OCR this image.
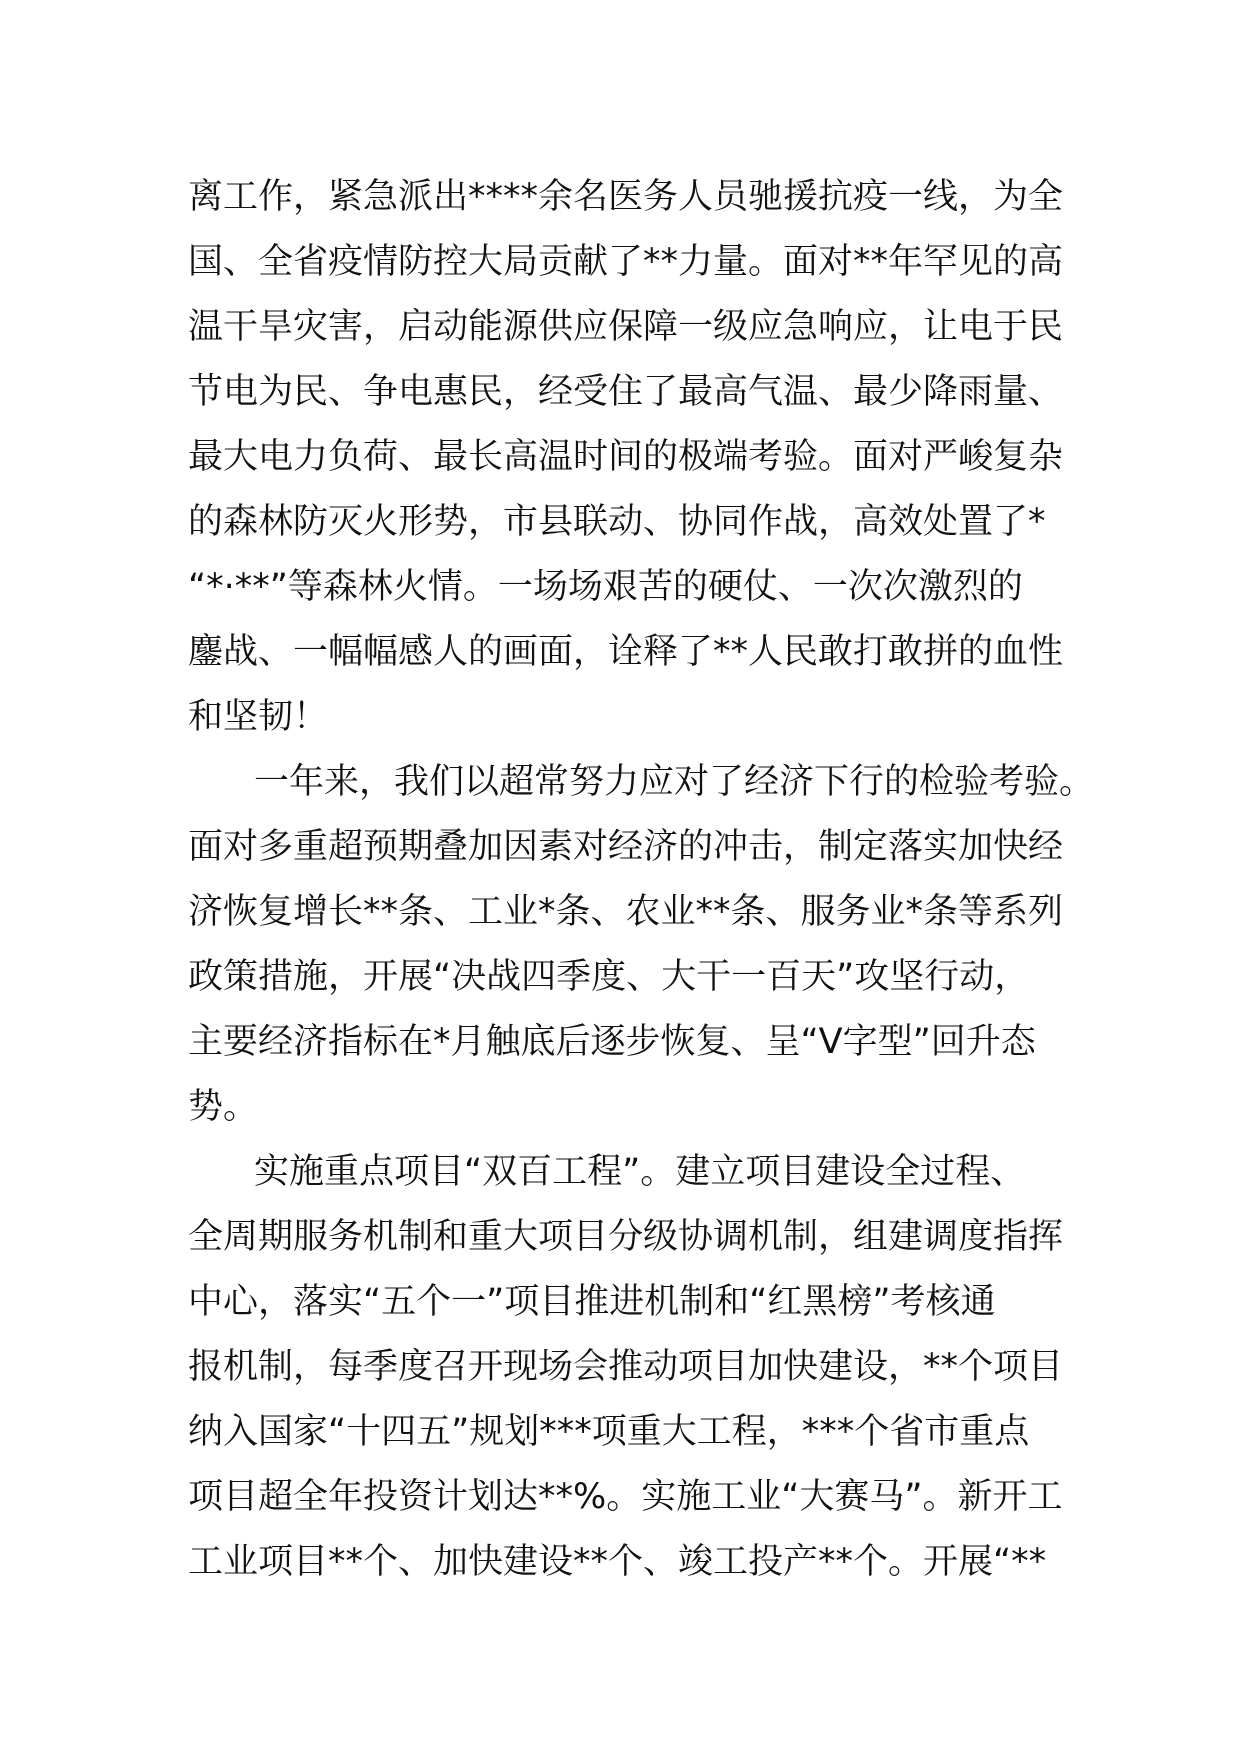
离工作，紧急派出****余名医务人员驰援抗疫一线，为全
国、全省疫情防控大局贡献了**力量。面对**年罕见的高
温干旱灾害，启动能源供应保障一级应急响应，让电于民
节电为民、争电惠民，经受住了最高气温、最少降雨量、
最大电力负荷、最长高温时间的极端考验。面对严峻复杂
的森林防灭火形势，市县联动、协同作战，高效处置了*
“*·**”等森林火情。一场场艰苦的硬仗、一次次激烈的
鏖战、一幅幅感人的画面，诠释了**人民敢打敢拼的血性
和坚韧！
一年来，我们以超常努力应对了经济下行的检验考验。
面对多重超预期叠加因素对经济的冲击，制定落实加快经
济恢复增长**条、工业*条、农业**条、服务业*条等系列
政策措施，开展“决战四季度、大干一百天”攻坚行动，
主要经济指标在*月触底后逐步恢复、呈“V字型”回升态
势。
实施重点项目“双百工程”。建立项目建设全过程、
全周期服务机制和重大项目分级协调机制，组建调度指挥
中心，落实“五个一”项目推进机制和“红黑榜”考核通
报机制，每季度召开现场会推动项目加快建设，**个项目
纳入国家“十四五”规划***项重大工程，***个省市重点
项目超全年投资计划达**%。实施工业“大赛马”。新开工
工业项目**个、加快建设**个、竣工投产**个。开展“**
